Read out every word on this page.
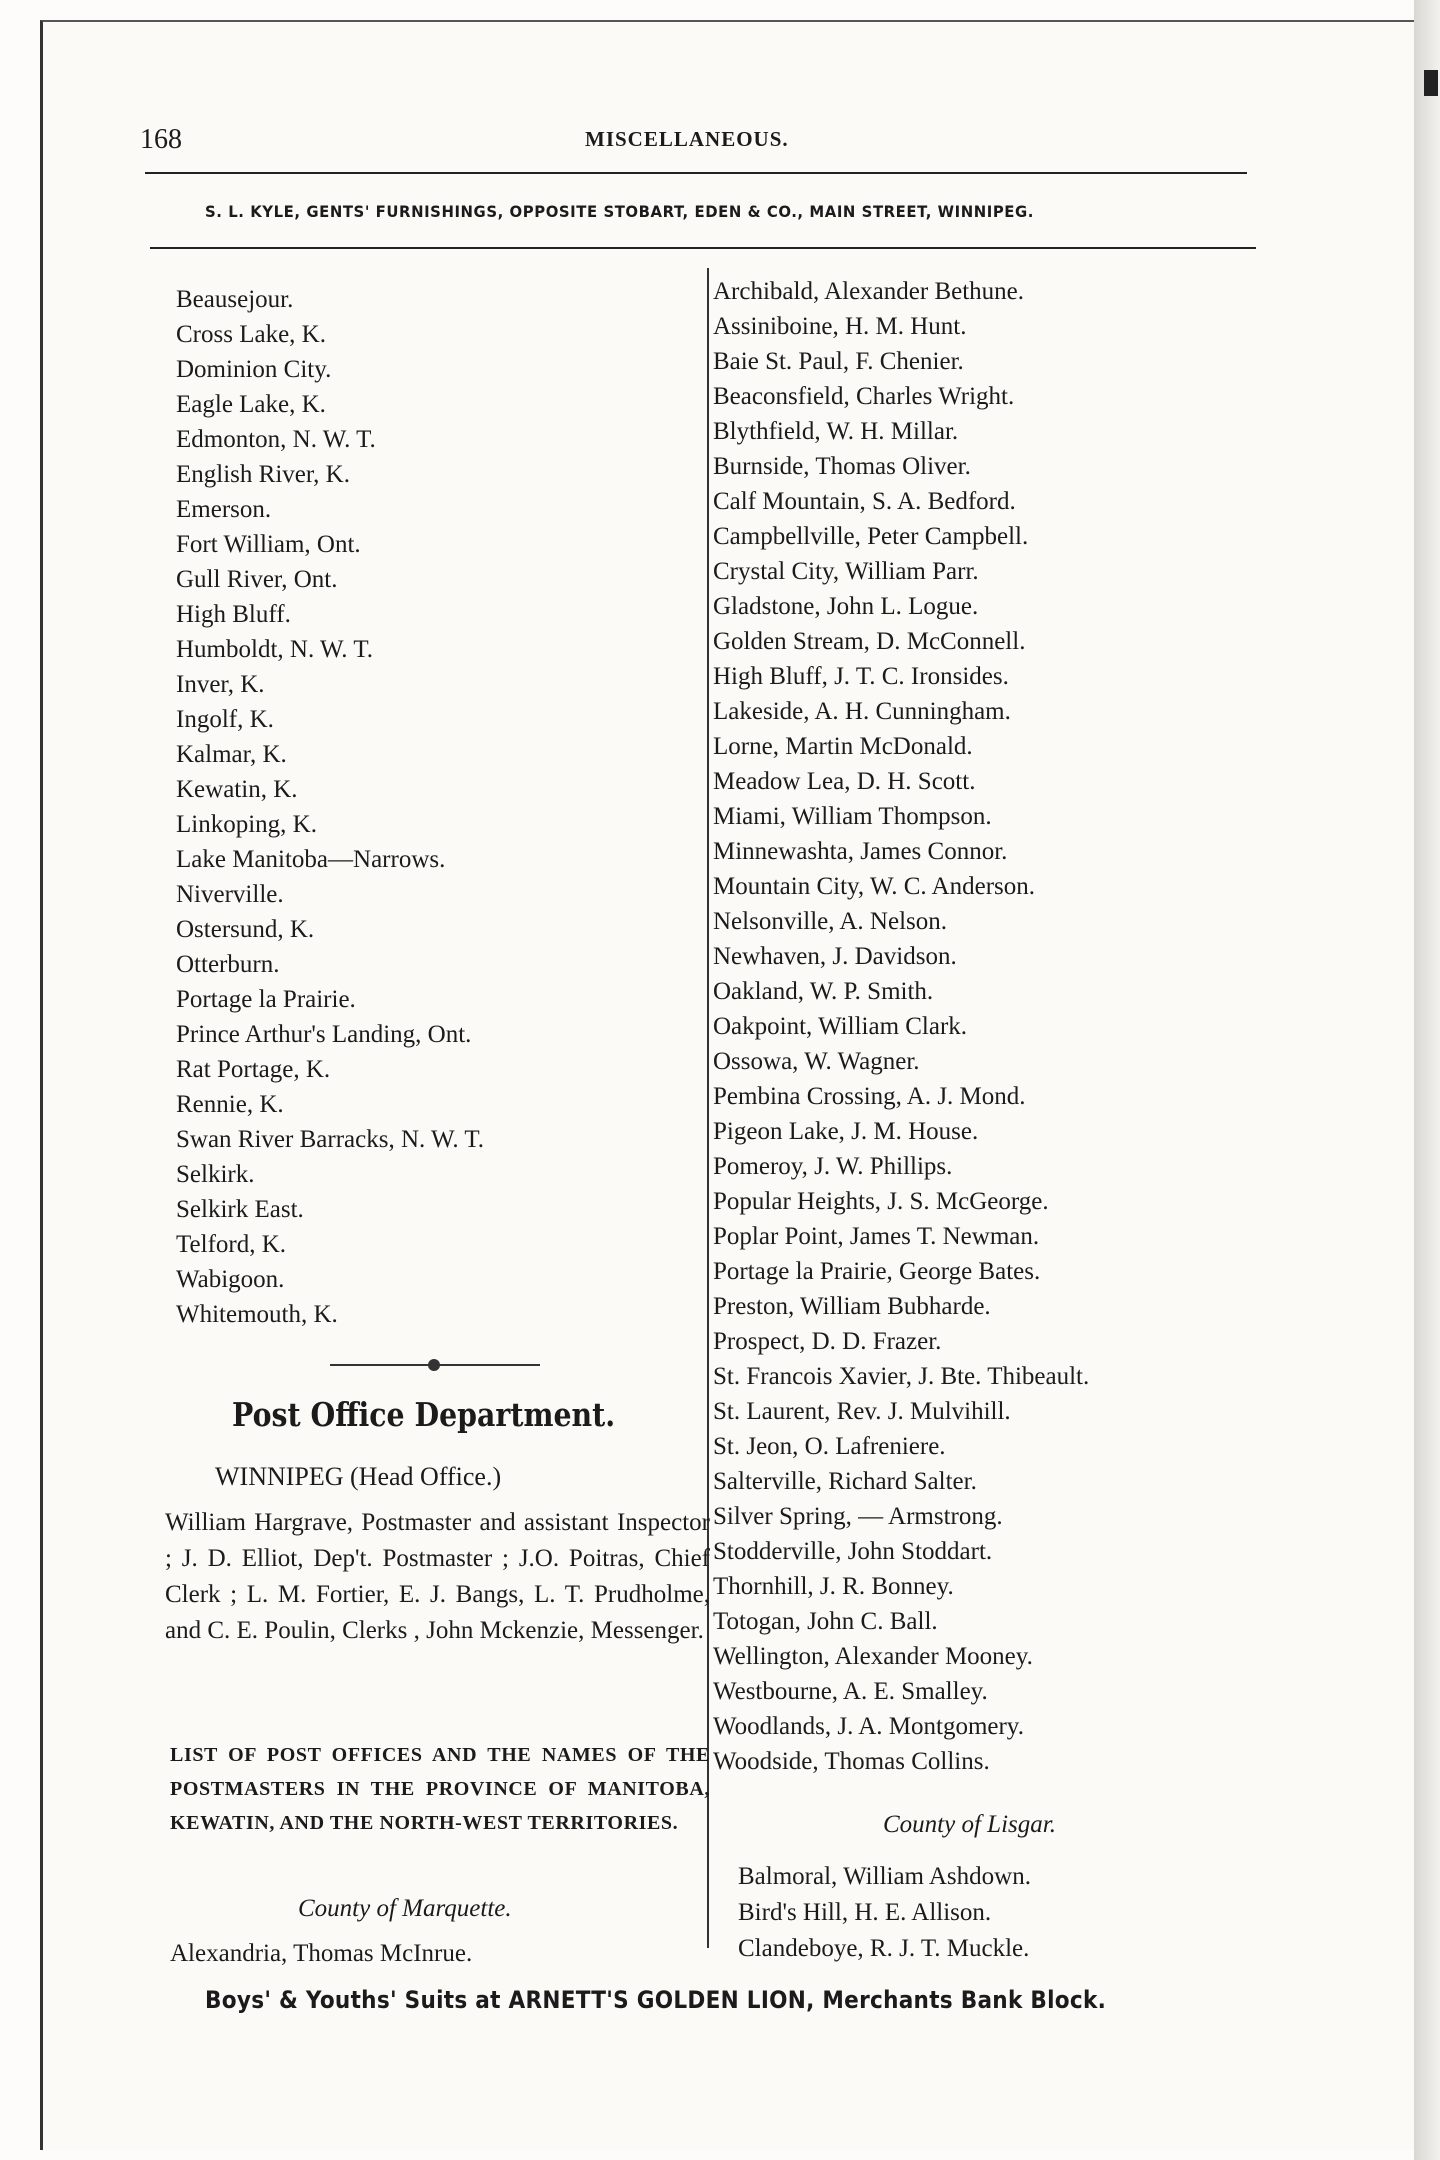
168	MISCELLANEOUS.
S. L. KYLE, GENTS' FURNISHINGS, OPPOSITE STOBART, EDEN & CO., MAIN STREET, WINNIPEG.
Beausejour.
Cross Lake, K.
Dominion City.
Eagle Lake, K.
Edmonton, N. W. T.
English River, K.
Emerson.
Fort William, Ont.
Gull River, Ont.
High Bluff.
Humboldt, N. W. T.
Inver, K.
Ingolf, K.
Kalmar, K.
Kewatin, K.
Linkoping, K.
Lake Manitoba—Narrows.
Niverville.
Ostersund, K.
Otterburn.
Portage la Prairie.
Prince Arthur's Landing, Ont.
Rat Portage, K.
Rennie, K.
Swan River Barracks, N. W. T.
Selkirk.
Selkirk East.
Telford, K.
Wabigoon.
Whitemouth, K.
Post Office Department.
WINNIPEG (Head Office.)
William Hargrave, Postmaster and assistant Inspector ; J. D. Elliot, Dep't. Postmaster ; J.O. Poitras, Chief Clerk ; L. M. Fortier, E. J. Bangs, L. T. Prudholme, and C. E. Poulin, Clerks , John Mckenzie, Messenger.
LIST OF POST OFFICES AND THE NAMES OF THE POSTMASTERS IN THE PROVINCE OF MANITOBA, KEWATIN, AND THE NORTH-WEST TERRITORIES.
County of Marquette.
Alexandria, Thomas McInrue.
Archibald, Alexander Bethune.
Assiniboine, H. M. Hunt.
Baie St. Paul, F. Chenier.
Beaconsfield, Charles Wright.
Blythfield, W. H. Millar.
Burnside, Thomas Oliver.
Calf Mountain, S. A. Bedford.
Campbellville, Peter Campbell.
Crystal City, William Parr.
Gladstone, John L. Logue.
Golden Stream, D. McConnell.
High Bluff, J. T. C. Ironsides.
Lakeside, A. H. Cunningham.
Lorne, Martin McDonald.
Meadow Lea, D. H. Scott.
Miami, William Thompson.
Minnewashta, James Connor.
Mountain City, W. C. Anderson.
Nelsonville, A. Nelson.
Newhaven, J. Davidson.
Oakland, W. P. Smith.
Oakpoint, William Clark.
Ossowa, W. Wagner.
Pembina Crossing, A. J. Mond.
Pigeon Lake, J. M. House.
Pomeroy, J. W. Phillips.
Popular Heights, J. S. McGeorge.
Poplar Point, James T. Newman.
Portage la Prairie, George Bates.
Preston, William Bubharde.
Prospect, D. D. Frazer.
St. Francois Xavier, J. Bte. Thibeault.
St. Laurent, Rev. J. Mulvihill.
St. Jeon, O. Lafreniere.
Salterville, Richard Salter.
Silver Spring, — Armstrong.
Stodderville, John Stoddart.
Thornhill, J. R. Bonney.
Totogan, John C. Ball.
Wellington, Alexander Mooney.
Westbourne, A. E. Smalley.
Woodlands, J. A. Montgomery.
Woodside, Thomas Collins.
County of Lisgar.
Balmoral, William Ashdown.
Bird's Hill, H. E. Allison.
Clandeboye, R. J. T. Muckle.
Boys' & Youths' Suits at ARNETT'S GOLDEN LION, Merchants Bank Block.
